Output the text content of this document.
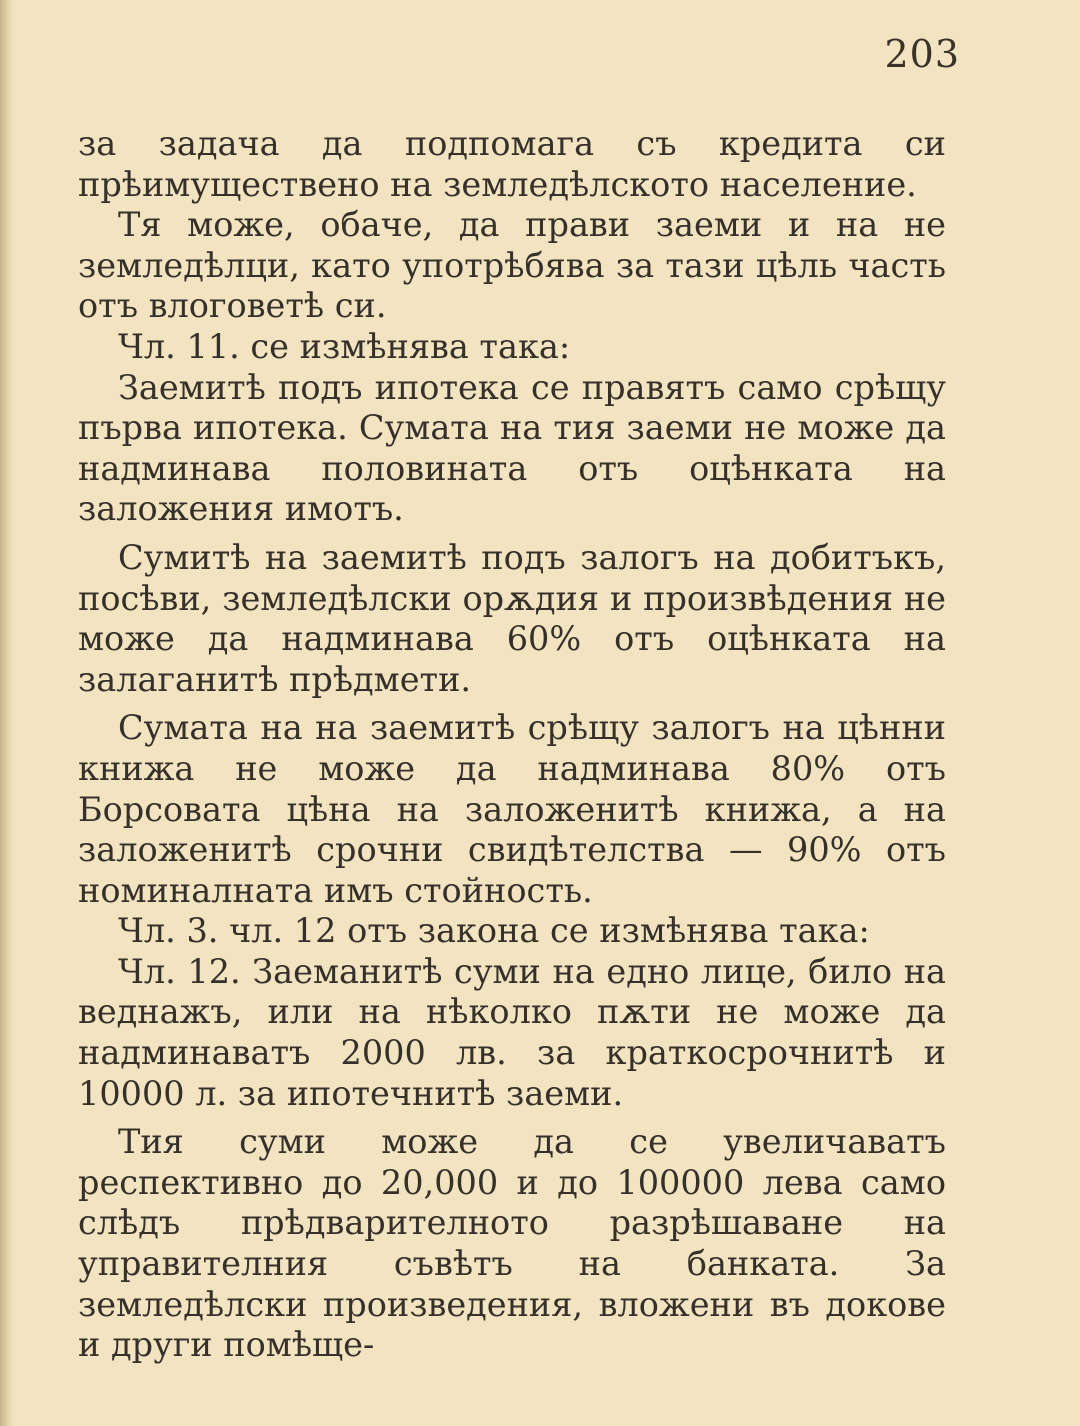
203

за задача да подпомага съ кредита си прѣимуществено на земледѣлското население.

Тя може, обаче, да прави заеми и на не земледѣлци, като употрѣбява за тази цѣль часть отъ влоговетѣ си.

Чл. 11. се измѣнява така:

Заемитѣ подъ ипотека се правятъ само срѣщу първа ипотека. Сумата на тия заеми не може да надминава половината отъ оцѣнката на заложения имотъ.

Сумитѣ на заемитѣ подъ залогъ на добитъкъ, посѣви, земледѣлски орѫдия и произвѣдения не може да надминава 60% отъ оцѣнката на залаганитѣ прѣдмети.

Сумата на на заемитѣ срѣщу залогъ на цѣнни книжа не може да надминава 80% отъ Борсовата цѣна на заложенитѣ книжа, а на заложенитѣ срочни свидѣтелства — 90% отъ номиналната имъ стойность.

Чл. 3. чл. 12 отъ закона се измѣнява така:

Чл. 12. Заеманитѣ суми на едно лице, било на веднажъ, или на нѣколко пѫти не може да надминаватъ 2000 лв. за краткосрочнитѣ и 10000 л. за ипотечнитѣ заеми.

Тия суми може да се увеличаватъ респективно до 20,000 и до 100000 лева само слѣдъ прѣдварителното разрѣшаване на управителния съвѣтъ на банката. За земледѣлски произведения, вложени въ докове и други помѣще-
